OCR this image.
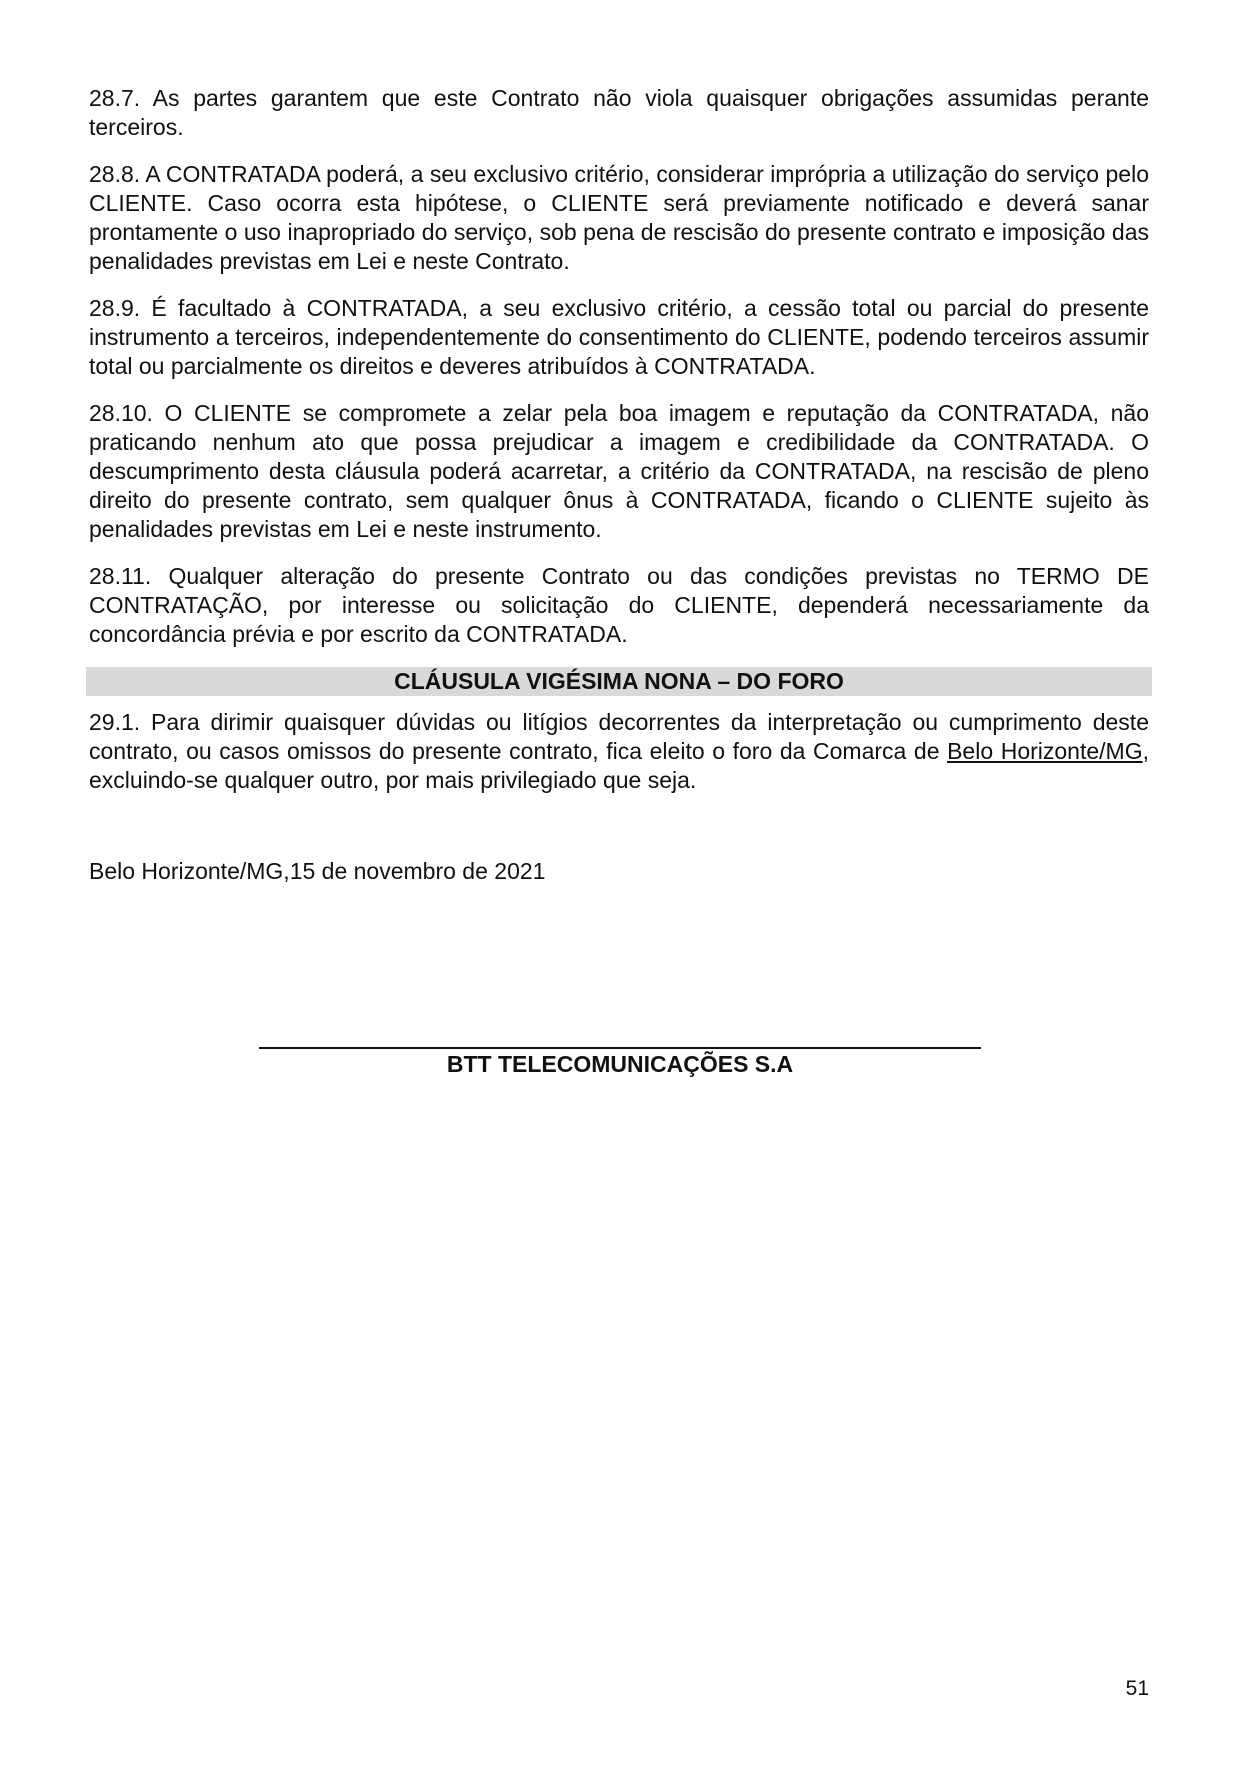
28.7. As partes garantem que este Contrato não viola quaisquer obrigações assumidas perante terceiros.

28.8. A CONTRATADA poderá, a seu exclusivo critério, considerar imprópria a utilização do serviço pelo CLIENTE. Caso ocorra esta hipótese, o CLIENTE será previamente notificado e deverá sanar prontamente o uso inapropriado do serviço, sob pena de rescisão do presente contrato e imposição das penalidades previstas em Lei e neste Contrato.

28.9. É facultado à CONTRATADA, a seu exclusivo critério, a cessão total ou parcial do presente instrumento a terceiros, independentemente do consentimento do CLIENTE, podendo terceiros assumir total ou parcialmente os direitos e deveres atribuídos à CONTRATADA.

28.10. O CLIENTE se compromete a zelar pela boa imagem e reputação da CONTRATADA, não praticando nenhum ato que possa prejudicar a imagem e credibilidade da CONTRATADA. O descumprimento desta cláusula poderá acarretar, a critério da CONTRATADA, na rescisão de pleno direito do presente contrato, sem qualquer ônus à CONTRATADA, ficando o CLIENTE sujeito às penalidades previstas em Lei e neste instrumento.

28.11. Qualquer alteração do presente Contrato ou das condições previstas no TERMO DE CONTRATAÇÃO, por interesse ou solicitação do CLIENTE, dependerá necessariamente da concordância prévia e por escrito da CONTRATADA.

CLÁUSULA VIGÉSIMA NONA – DO FORO

29.1. Para dirimir quaisquer dúvidas ou litígios decorrentes da interpretação ou cumprimento deste contrato, ou casos omissos do presente contrato, fica eleito o foro da Comarca de Belo Horizonte/MG, excluindo-se qualquer outro, por mais privilegiado que seja.

Belo Horizonte/MG,15 de novembro de 2021
BTT TELECOMUNICAÇÕES S.A
51
